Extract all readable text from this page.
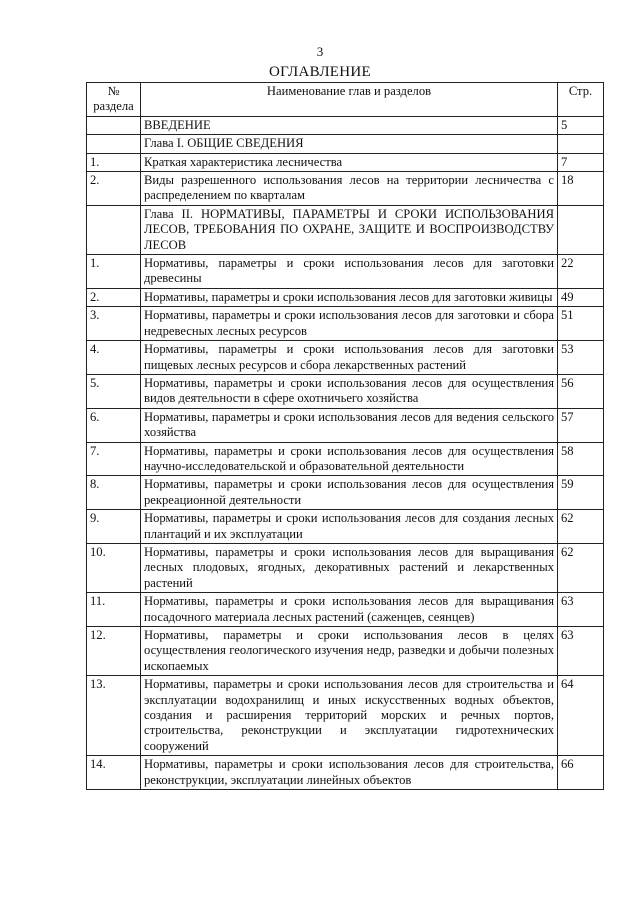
3
ОГЛАВЛЕНИЕ
№
раздела	Наименование глав и разделов	Стр.
	ВВЕДЕНИЕ	5
	Глава I. ОБЩИЕ СВЕДЕНИЯ	
1.	Краткая характеристика лесничества	7
2.	Виды разрешенного использования лесов на территории лесничества с распределением по кварталам	18
	Глава II. НОРМАТИВЫ, ПАРАМЕТРЫ И СРОКИ ИСПОЛЬЗОВАНИЯ ЛЕСОВ, ТРЕБОВАНИЯ ПО ОХРАНЕ, ЗАЩИТЕ И ВОСПРОИЗВОДСТВУ ЛЕСОВ	
1.	Нормативы, параметры и сроки использования лесов для заготовки древесины	22
2.	Нормативы, параметры и сроки использования лесов для заготовки живицы	49
3.	Нормативы, параметры и сроки использования лесов для заготовки и сбора недревесных лесных ресурсов	51
4.	Нормативы, параметры и сроки использования лесов для заготовки пищевых лесных ресурсов и сбора лекарственных растений	53
5.	Нормативы, параметры и сроки использования лесов для осуществления видов деятельности в сфере охотничьего хозяйства	56
6.	Нормативы, параметры и сроки использования лесов для ведения сельского хозяйства	57
7.	Нормативы, параметры и сроки использования лесов для осуществления научно-исследовательской и образовательной деятельности	58
8.	Нормативы, параметры и сроки использования лесов для осуществления рекреационной деятельности	59
9.	Нормативы, параметры и сроки использования лесов для создания лесных плантаций и их эксплуатации	62
10.	Нормативы, параметры и сроки использования лесов для выращивания лесных плодовых, ягодных, декоративных растений и лекарственных растений	62
11.	Нормативы, параметры и сроки использования лесов для выращивания посадочного материала лесных растений (саженцев, сеянцев)	63
12.	Нормативы, параметры и сроки использования лесов в целях осуществления геологического изучения недр, разведки и добычи полезных ископаемых	63
13.	Нормативы, параметры и сроки использования лесов для строительства и эксплуатации водохранилищ и иных искусственных водных объектов, создания и расширения территорий морских и речных портов, строительства, реконструкции и эксплуатации гидротехнических сооружений	64
14.	Нормативы, параметры и сроки использования лесов для строительства, реконструкции, эксплуатации линейных объектов	66
